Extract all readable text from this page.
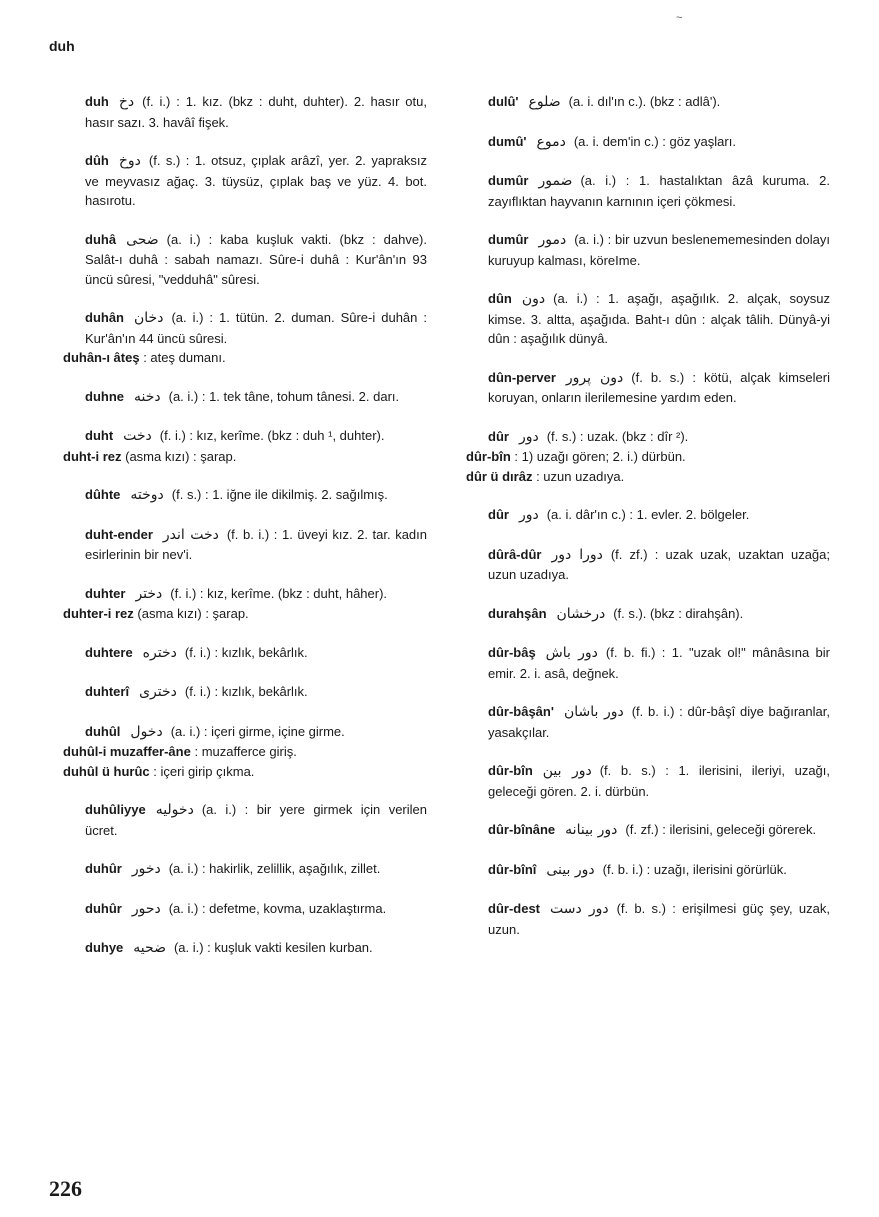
duh

duh دخ (f. i.) : 1. kız. (bkz : duht, duhter). 2. hasır otu, hasır sazı. 3. havâî fişek.

dûh دوخ (f. s.) : 1. otsuz, çıplak arâzî, yer. 2. yapraksız ve meyvasız ağaç. 3. tüysüz, çıplak baş ve yüz. 4. bot. hasırotu.

duhâ ضحى (a. i.) : kaba kuşluk vakti. (bkz : dahve). Salât-ı duhâ : sabah namazı. Sûre-i duhâ : Kur'ân'ın 93 üncü sûresi, "vedduhâ" sûresi.

duhân دخان (a. i.) : 1. tütün. 2. duman. Sûre-i duhân : Kur'ân'ın 44 üncü sûresi.

duhân-ı âteş : ateş dumanı.

duhne دخنه (a. i.) : 1. tek tâne, tohum tânesi. 2. darı.

duht دخت (f. i.) : kız, kerîme. (bkz : duh ¹, duhter).

duht-i rez (asma kızı) : şarap.

dûhte دوخته (f. s.) : 1. iğne ile dikilmiş. 2. sağılmış.

duht-ender دخت اندر (f. b. i.) : 1. üveyi kız. 2. tar. kadın esirlerinin bir nev'i.

duhter دختر (f. i.) : kız, kerîme. (bkz : duht, hâher).

duhter-i rez (asma kızı) : şarap.

duhtere دختره (f. i.) : kızlık, bekârlık.

duhterî دختری (f. i.) : kızlık, bekârlık.

duhûl دخول (a. i.) : içeri girme, içine girme.

duhûl-i muzaffer-âne : muzafferce giriş.

duhûl ü hurûc : içeri girip çıkma.

duhûliyye دخولیه (a. i.) : bir yere girmek için verilen ücret.

duhûr دخور (a. i.) : hakirlik, zelillik, aşağılık, zillet.

duhûr دحور (a. i.) : defetme, kovma, uzaklaştırma.

duhye ضحیه (a. i.) : kuşluk vakti kesilen kurban.

dulû' ضلوع (a. i. dıl'ın c.). (bkz : adlâ').

dumû' دموع (a. i. dem'in c.) : göz yaşları.

dumûr ضمور (a. i.) : 1. hastalıktan âzâ kuruma. 2. zayıflıktan hayvanın karnının içeri çökmesi.

dumûr دمور (a. i.) : bir uzvun beslenememesinden dolayı kuruyup kalması, köreIme.

dûn دون (a. i.) : 1. aşağı, aşağılık. 2. alçak, soysuz kimse. 3. altta, aşağıda. Baht-ı dûn : alçak tâlih. Dünyâ-yi dûn : aşağılık dünyâ.

dûn-perver دون پرور (f. b. s.) : kötü, alçak kimseleri koruyan, onların ilerilemesine yardım eden.

dûr دور (f. s.) : uzak. (bkz : dîr ²).

dûr-bîn : 1) uzağı gören; 2. i.) dürbün.

dûr ü dırâz : uzun uzadıya.

dûr دور (a. i. dâr'ın c.) : 1. evler. 2. bölgeler.

dûrâ-dûr دورا دور (f. zf.) : uzak uzak, uzaktan uzağa; uzun uzadıya.

durahşân درخشان (f. s.). (bkz : dirahşân).

dûr-bâş دور باش (f. b. fi.) : 1. "uzak ol!" mânâsına bir emir. 2. i. asâ, değnek.

dûr-bâşân' دور باشان (f. b. i.) : dûr-bâşî diye bağıranlar, yasakçılar.

dûr-bîn دور بین (f. b. s.) : 1. ilerisini, ileriyi, uzağı, geleceği gören. 2. i. dürbün.

dûr-bînâne دور بینانه (f. zf.) : ilerisini, geleceği görerek.

dûr-bînî دور بینی (f. b. i.) : uzağı, ilerisini görürlük.

dûr-dest دور دست (f. b. s.) : erişilmesi güç şey, uzak, uzun.

226
~
